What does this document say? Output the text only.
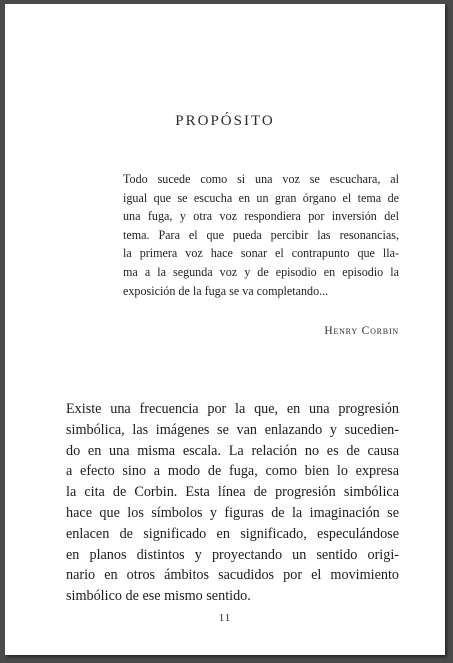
PROPÓSITO
Todo sucede como si una voz se escuchara, al
igual que se escucha en un gran órgano el tema de
una fuga, y otra voz respondiera por inversión del
tema. Para el que pueda percibir las resonancias,
la primera voz hace sonar el contrapunto que lla-
ma a la segunda voz y de episodio en episodio la
exposición de la fuga se va completando...
Henry Corbin
Existe una frecuencia por la que, en una progresión
simbólica, las imágenes se van enlazando y sucedien-
do en una misma escala. La relación no es de causa
a efecto sino a modo de fuga, como bien lo expresa
la cita de Corbin. Esta línea de progresión simbólica
hace que los símbolos y figuras de la imaginación se
enlacen de significado en significado, especulándose
en planos distintos y proyectando un sentido origi-
nario en otros ámbitos sacudidos por el movimiento
simbólico de ese mismo sentido.
11
